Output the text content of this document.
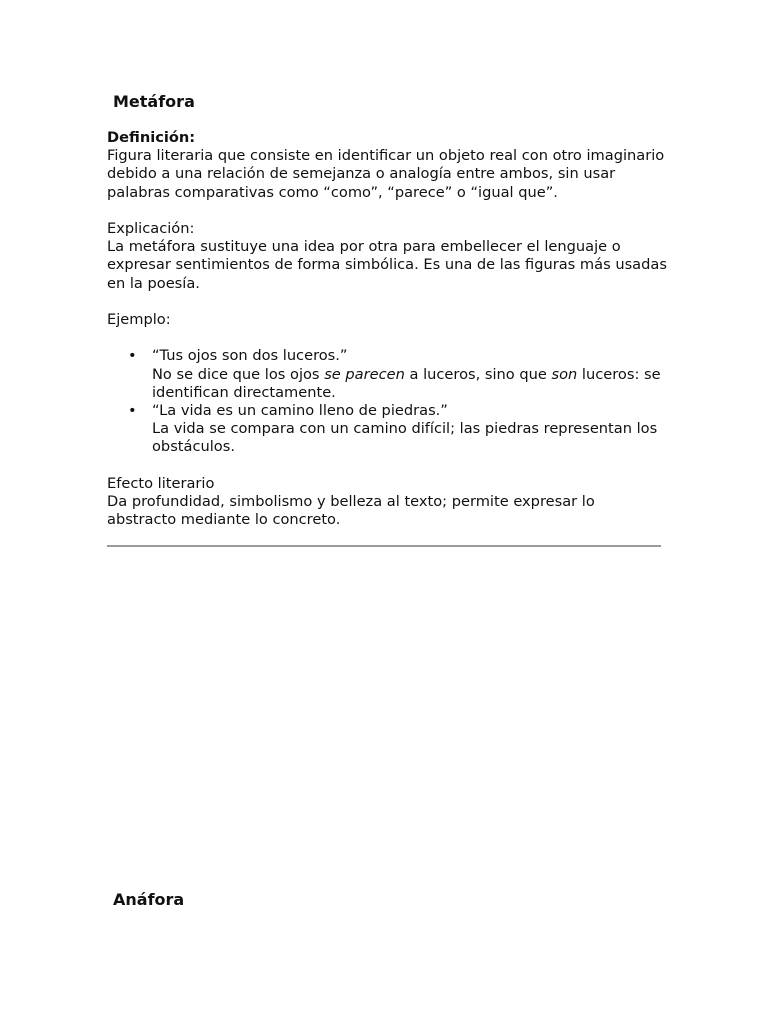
Metáfora

Definición:

Figura literaria que consiste en identificar un objeto real con otro imaginario debido a una relación de semejanza o analogía entre ambos, sin usar palabras comparativas como “como”, “parece” o “igual que”.

Explicación:

La metáfora sustituye una idea por otra para embellecer el lenguaje o expresar sentimientos de forma simbólica. Es una de las figuras más usadas en la poesía.

Ejemplo:

• “Tus ojos son dos luceros.”
No se dice que los ojos se parecen a luceros, sino que son luceros: se identifican directamente.
• “La vida es un camino lleno de piedras.”
La vida se compara con un camino difícil; las piedras representan los obstáculos.

Efecto literario

Da profundidad, simbolismo y belleza al texto; permite expresar lo abstracto mediante lo concreto.

Anáfora
